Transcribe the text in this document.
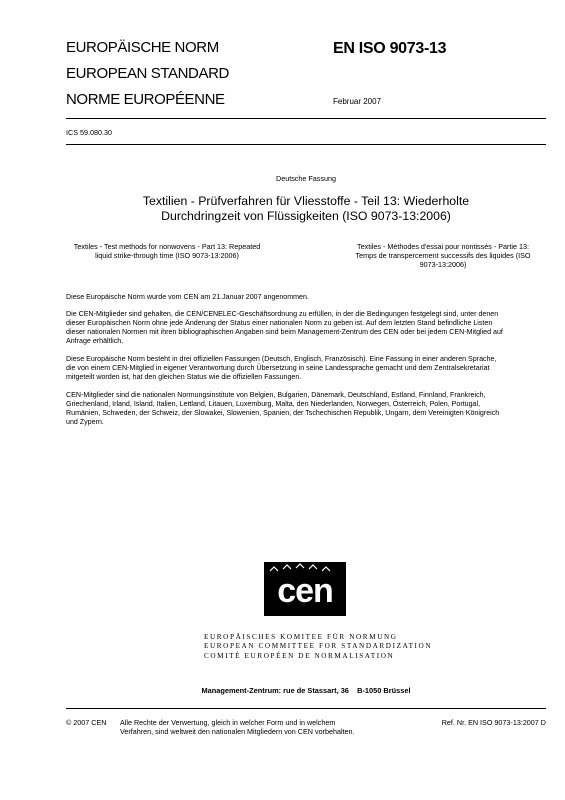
EUROPÄISCHE NORM
EUROPEAN STANDARD
NORME EUROPÉENNE
EN ISO 9073-13
Februar 2007
ICS 59.080.30
Deutsche Fassung
Textilien - Prüfverfahren für Vliesstoffe - Teil 13: Wiederholte
Durchdringzeit von Flüssigkeiten (ISO 9073-13:2006)
Textiles - Test methods for nonwovens - Part 13: Repeated
liquid strike-through time (ISO 9073-13:2006)
Textiles - Méthodes d'essai pour nontissés - Partie 13:
Temps de transpercement successifs des liquides (ISO
9073-13:2006)
Diese Europäische Norm wurde vom CEN am 21.Januar 2007 angenommen.
Die CEN-Mitglieder sind gehalten, die CEN/CENELEC-Geschäftsordnung zu erfüllen, in der die Bedingungen festgelegt sind, unter denen
dieser Europäischen Norm ohne jede Änderung der Status einer nationalen Norm zu geben ist. Auf dem letzten Stand befindliche Listen
dieser nationalen Normen mit ihren bibliographischen Angaben sind beim Management-Zentrum des CEN oder bei jedem CEN-Mitglied auf
Anfrage erhältlich.
Diese Europäische Norm besteht in drei offiziellen Fassungen (Deutsch, Englisch, Französisch). Eine Fassung in einer anderen Sprache,
die von einem CEN-Mitglied in eigener Verantwortung durch Übersetzung in seine Landessprache gemacht und dem Zentralsekretariat
mitgeteilt worden ist, hat den gleichen Status wie die offiziellen Fassungen.
CEN-Mitglieder sind die nationalen Normungsinstitute von Belgien, Bulgarien, Dänemark, Deutschland, Estland, Finnland, Frankreich,
Griechenland, Irland, Island, Italien, Lettland, Litauen, Luxemburg, Malta, den Niederlanden, Norwegen, Österreich, Polen, Portugal,
Rumänien, Schweden, der Schweiz, der Slowakei, Slowenien, Spanien, der Tschechischen Republik, Ungarn, dem Vereinigten Königreich
und Zypern.
cen
EUROPÄISCHES KOMITEE FÜR NORMUNG
EUROPEAN COMMITTEE FOR STANDARDIZATION
COMITÉ EUROPÉEN DE NORMALISATION
Management-Zentrum: rue de Stassart, 36    B-1050 Brüssel
© 2007 CEN Alle Rechte der Verwertung, gleich in welcher Form und in welchem
Verfahren, sind weltweit den nationalen Mitgliedern von CEN vorbehalten.
Ref. Nr. EN ISO 9073-13:2007 D
